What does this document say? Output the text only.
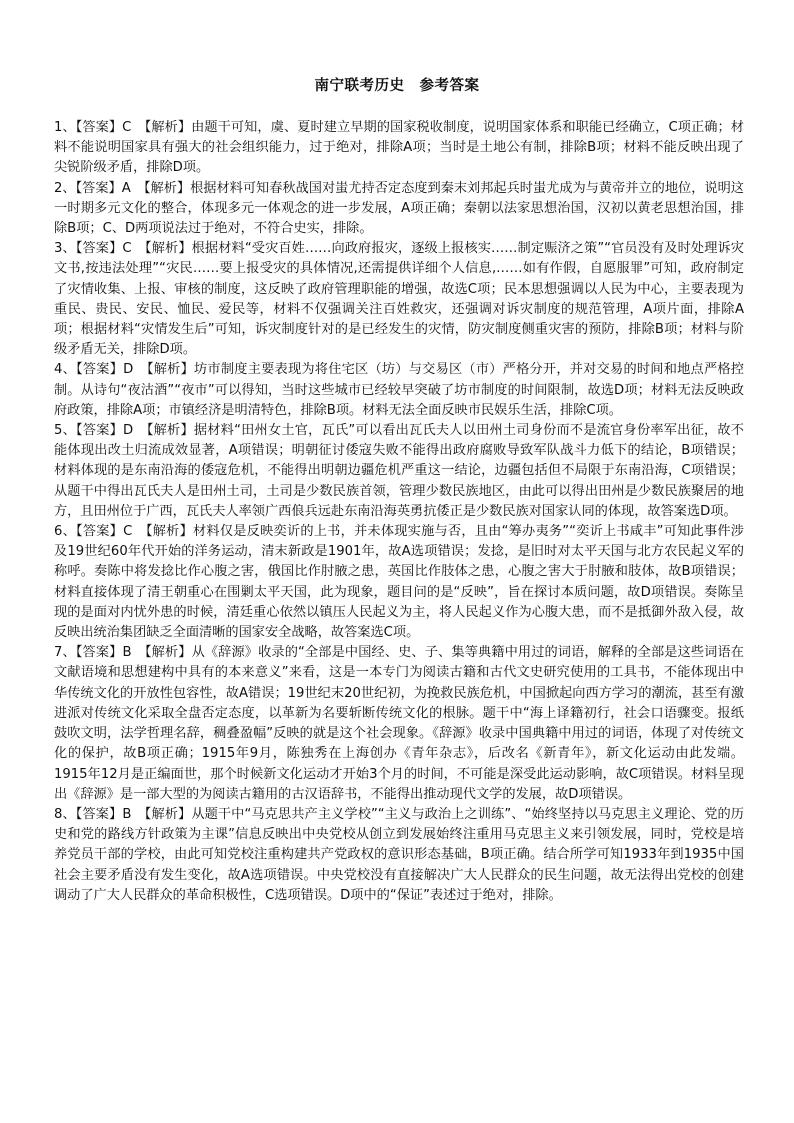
南宁联考历史　参考答案

1、【答案】C　【解析】由题干可知，虞、夏时建立早期的国家税收制度，说明国家体系和职能已经确立，C项正确；材料不能说明国家具有强大的社会组织能力，过于绝对，排除A项；当时是土地公有制，排除B项；材料不能反映出现了尖锐阶级矛盾，排除D项。

2、【答案】A　【解析】根据材料可知春秋战国对蚩尤持否定态度到秦末刘邦起兵时蚩尤成为与黄帝并立的地位，说明这一时期多元文化的整合，体现多元一体观念的进一步发展，A项正确；秦朝以法家思想治国，汉初以黄老思想治国，排除B项；C、D两项说法过于绝对，不符合史实，排除。

3、【答案】C　【解析】根据材料“受灾百姓……向政府报灾，逐级上报核实……制定赈济之策”“官员没有及时处理诉灾文书,按违法处理”“灾民……要上报受灾的具体情况,还需提供详细个人信息,……如有作假，自愿服罪”可知，政府制定了灾情收集、上报、审核的制度，这反映了政府管理职能的增强，故选C项；民本思想强调以人民为中心，主要表现为重民、贵民、安民、恤民、爱民等，材料不仅强调关注百姓救灾，还强调对诉灾制度的规范管理，A项片面，排除A项；根据材料“灾情发生后”可知，诉灾制度针对的是已经发生的灾情，防灾制度侧重灾害的预防，排除B项；材料与阶级矛盾无关，排除D项。

4、【答案】D　【解析】坊市制度主要表现为将住宅区（坊）与交易区（市）严格分开，并对交易的时间和地点严格控制。从诗句“夜沽酒”“夜市”可以得知，当时这些城市已经较早突破了坊市制度的时间限制，故选D项；材料无法反映政府政策，排除A项；市镇经济是明清特色，排除B项。材料无法全面反映市民娱乐生活，排除C项。

5、【答案】D　【解析】据材料“田州女土官，瓦氏”可以看出瓦氏夫人以田州土司身份而不是流官身份率军出征，故不能体现出改土归流成效显著，A项错误；明朝征讨倭寇失败不能得出政府腐败导致军队战斗力低下的结论，B项错误；材料体现的是东南沿海的倭寇危机，不能得出明朝边疆危机严重这一结论，边疆包括但不局限于东南沿海，C项错误；从题干中得出瓦氏夫人是田州土司，土司是少数民族首领，管理少数民族地区，由此可以得出田州是少数民族聚居的地方，且田州位于广西，瓦氏夫人率领广西俍兵远赴东南沿海英勇抗倭正是少数民族对国家认同的体现，故答案选D项。

6、【答案】C　【解析】材料仅是反映奕䜣的上书，并未体现实施与否，且由“筹办夷务”“奕䜣上书咸丰”可知此事件涉及19世纪60年代开始的洋务运动，清末新政是1901年，故A选项错误；发捻，是旧时对太平天国与北方农民起义军的称呼。奏陈中将发捻比作心腹之害，俄国比作肘腋之患，英国比作肢体之患，心腹之害大于肘腋和肢体，故B项错误；材料直接体现了清王朝重心在围剿太平天国，此为现象，题目问的是“反映”，旨在探讨本质问题，故D项错误。奏陈呈现的是面对内忧外患的时候，清廷重心依然以镇压人民起义为主，将人民起义作为心腹大患，而不是抵御外敌入侵，故反映出统治集团缺乏全面清晰的国家安全战略，故答案选C项。

7、【答案】B　【解析】从《辞源》收录的“全部是中国经、史、子、集等典籍中用过的词语，解释的全部是这些词语在文献语境和思想建构中具有的本来意义”来看，这是一本专门为阅读古籍和古代文史研究使用的工具书，不能体现出中华传统文化的开放性包容性，故A错误；19世纪末20世纪初，为挽救民族危机，中国掀起向西方学习的潮流，甚至有激进派对传统文化采取全盘否定态度，以革新为名要斩断传统文化的根脉。题干中“海上译籍初行，社会口语骤变。报纸鼓吹文明，法学哲理名辞，稠叠盈幅”反映的就是这个社会现象。《辞源》收录中国典籍中用过的词语，体现了对传统文化的保护，故B项正确；1915年9月，陈独秀在上海创办《青年杂志》，后改名《新青年》，新文化运动由此发端。1915年12月是正编面世，那个时候新文化运动才开始3个月的时间，不可能是深受此运动影响，故C项错误。材料呈现出《辞源》是一部大型的为阅读古籍用的古汉语辞书，不能得出推动现代文学的发展，故D项错误。

8、【答案】B　【解析】从题干中“马克思共产主义学校”“主义与政治上之训练”、“始终坚持以马克思主义理论、党的历史和党的路线方针政策为主课”信息反映出中央党校从创立到发展始终注重用马克思主义来引领发展，同时，党校是培养党员干部的学校，由此可知党校注重构建共产党政权的意识形态基础，B项正确。结合所学可知1933年到1935中国社会主要矛盾没有发生变化，故A选项错误。中央党校没有直接解决广大人民群众的民生问题，故无法得出党校的创建调动了广大人民群众的革命积极性，C选项错误。D项中的“保证”表述过于绝对，排除。
